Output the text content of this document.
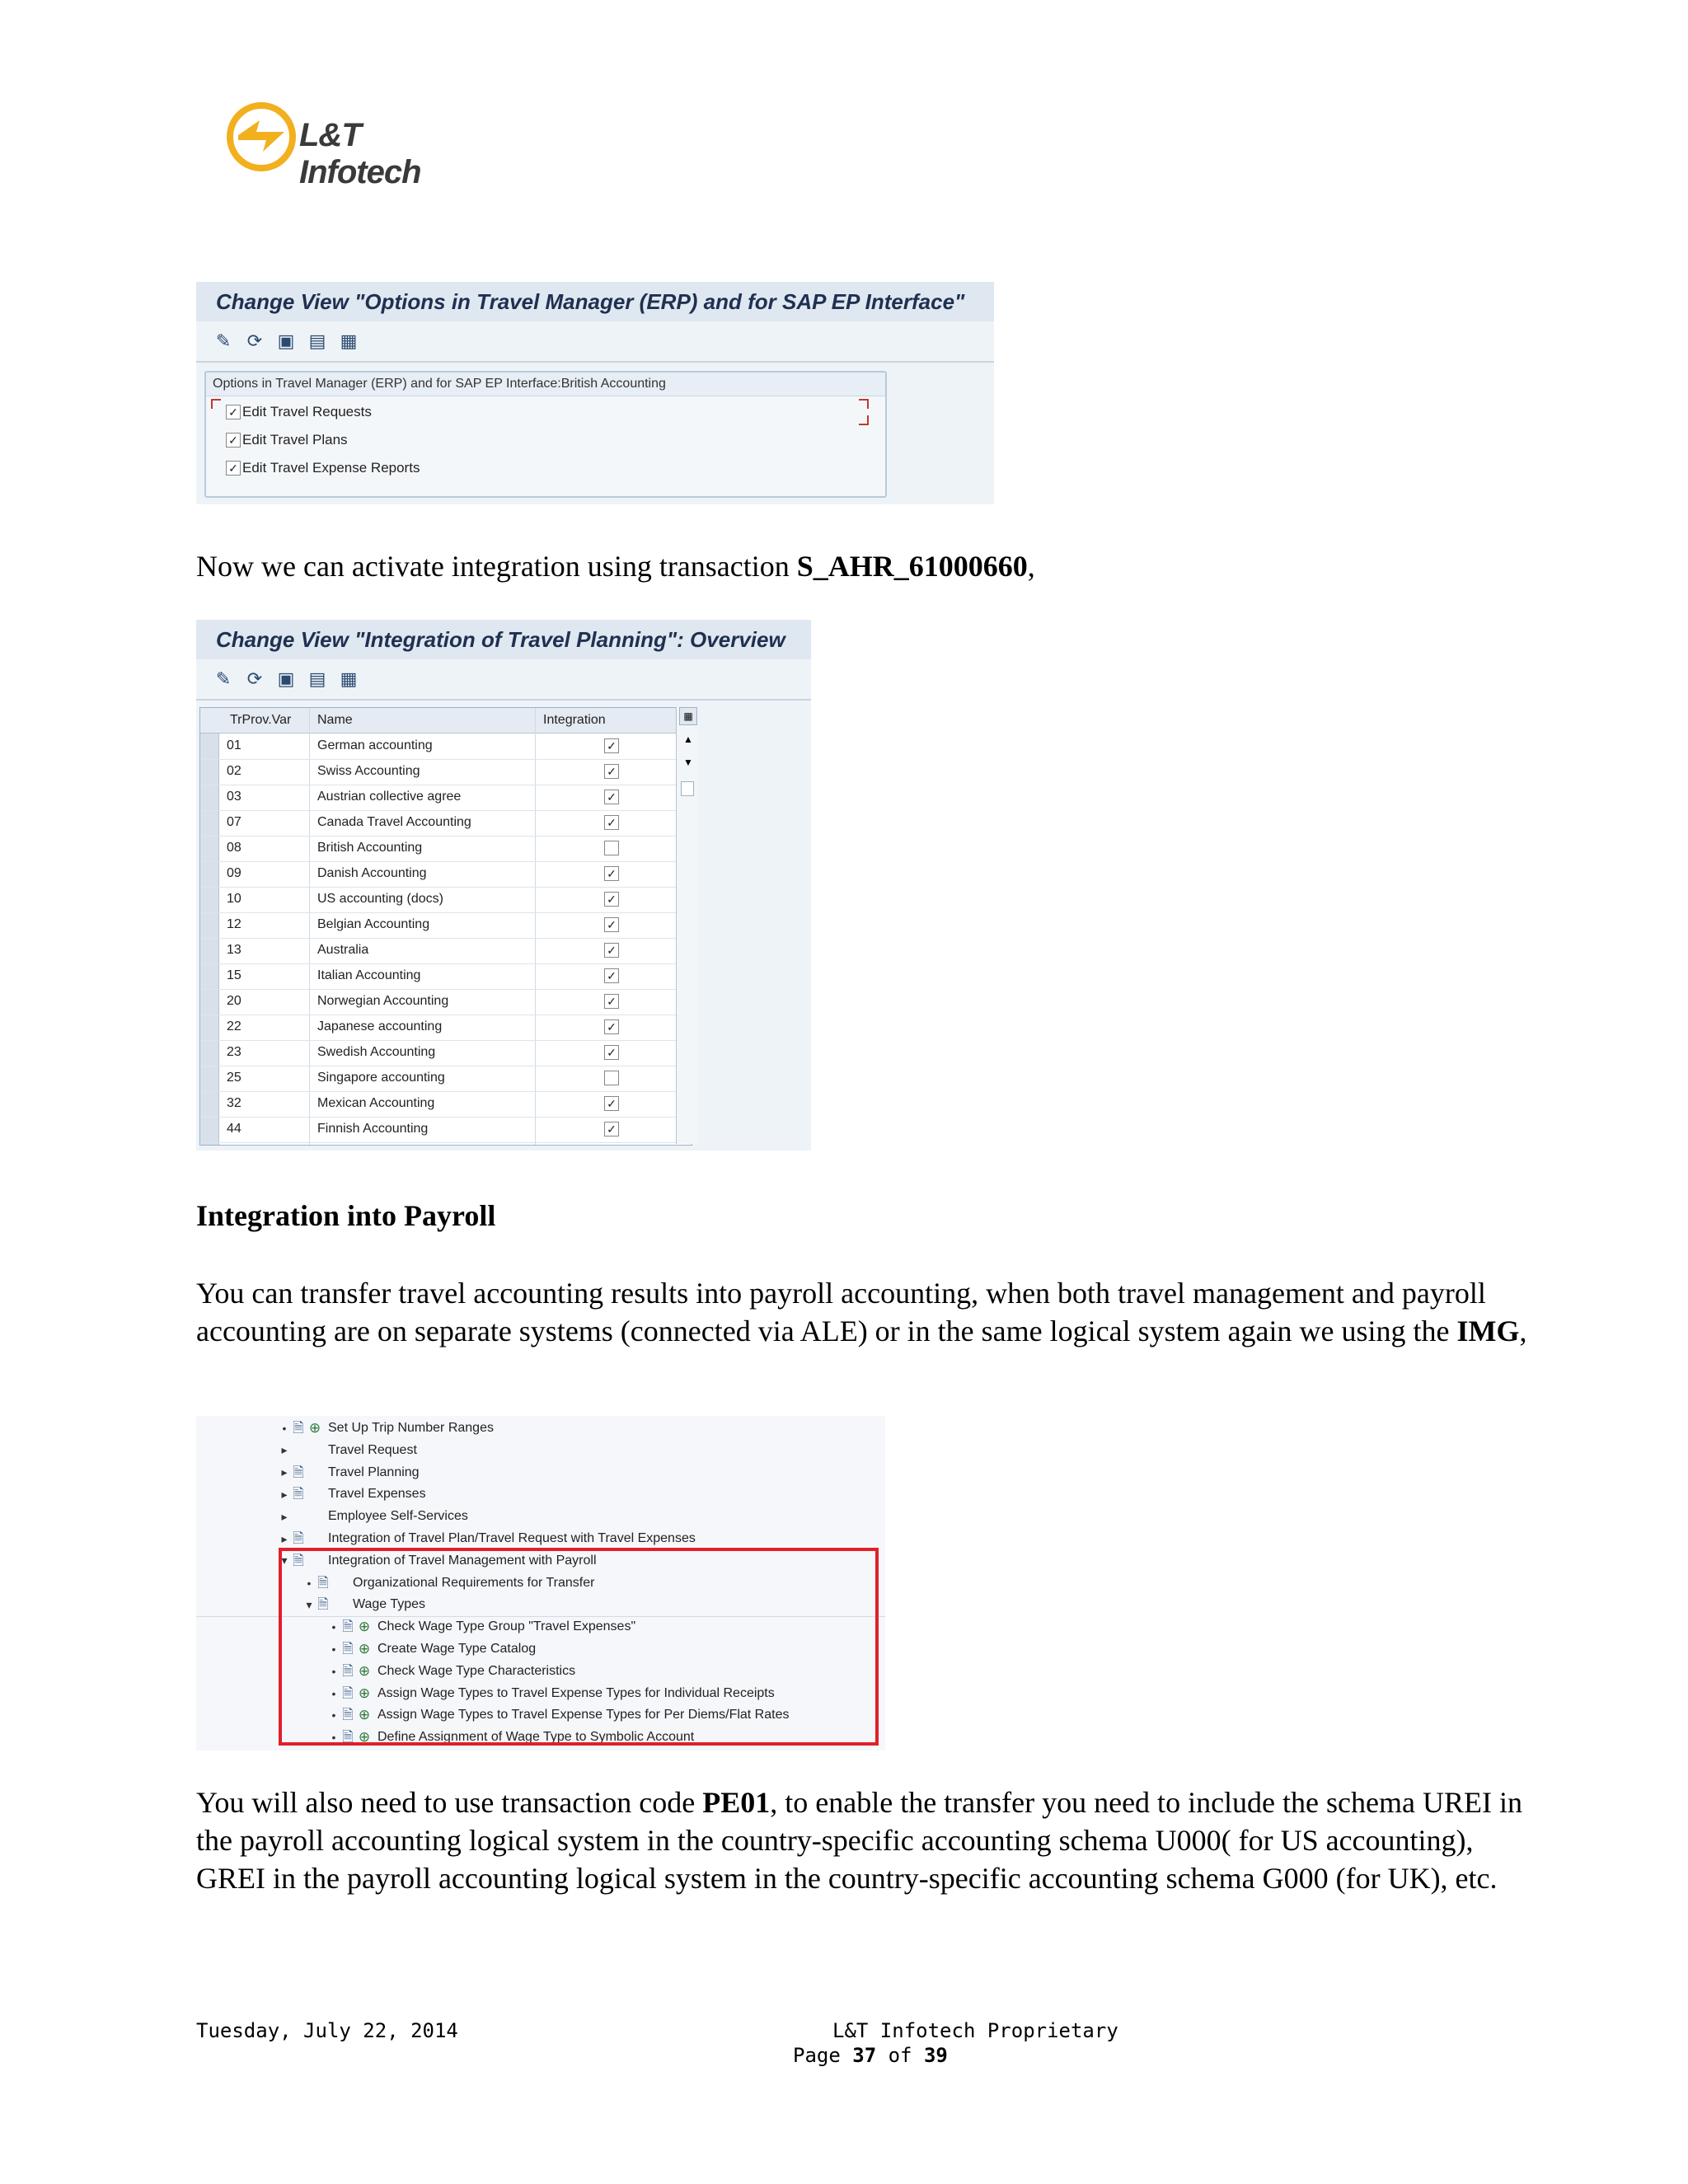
L&T Infotech
Change View "Options in Travel Manager (ERP) and for SAP EP Interface"
✎ ⟳ ▣ ▤ ▦
Options in Travel Manager (ERP) and for SAP EP Interface:British Accounting
✓ Edit Travel Requests
✓ Edit Travel Plans
✓ Edit Travel Expense Reports
Now we can activate integration using transaction S_AHR_61000660,
Change View "Integration of Travel Planning": Overview
✎ ⟳ ▣ ▤ ▦
TrProv.Var Name	Integration
01	German accounting	✓
02	Swiss Accounting	✓
03	Austrian collective agree	✓
07	Canada Travel Accounting	✓
08	British Accounting
09	Danish Accounting	✓
10	US accounting (docs)	✓
12	Belgian Accounting	✓
13	Australia	✓
15	Italian Accounting	✓
20	Norwegian Accounting	✓
22	Japanese accounting	✓
23	Swedish Accounting	✓
25	Singapore accounting
32	Mexican Accounting	✓
44	Finnish Accounting	✓
▦
▲
▼
Integration into Payroll
You can transfer travel accounting results into payroll accounting, when both travel management and payroll accounting are on separate systems (connected via ALE) or in the same logical system again we using the IMG,
• 🗎 ⊕ Set Up Trip Number Ranges
▸	Travel Request
▸ 🗎 Travel Planning
▸ 🗎 Travel Expenses
▸	Employee Self-Services
▸ 🗎 Integration of Travel Plan/Travel Request with Travel Expenses
▾ 🗎 Integration of Travel Management with Payroll
• 🗎 Organizational Requirements for Transfer
▾ 🗎 Wage Types
• 🗎 ⊕ Check Wage Type Group "Travel Expenses"
• 🗎 ⊕ Create Wage Type Catalog
• 🗎 ⊕ Check Wage Type Characteristics
• 🗎 ⊕ Assign Wage Types to Travel Expense Types for Individual Receipts
• 🗎 ⊕ Assign Wage Types to Travel Expense Types for Per Diems/Flat Rates
• 🗎 ⊕ Define Assignment of Wage Type to Symbolic Account
You will also need to use transaction code PE01, to enable the transfer you need to include the schema UREI in the payroll accounting logical system in the country-specific accounting schema U000( for US accounting), GREI in the payroll accounting logical system in the country-specific accounting schema G000 (for UK), etc.
Tuesday, July 22, 2014	L&T Infotech Proprietary
Page 37 of 39
